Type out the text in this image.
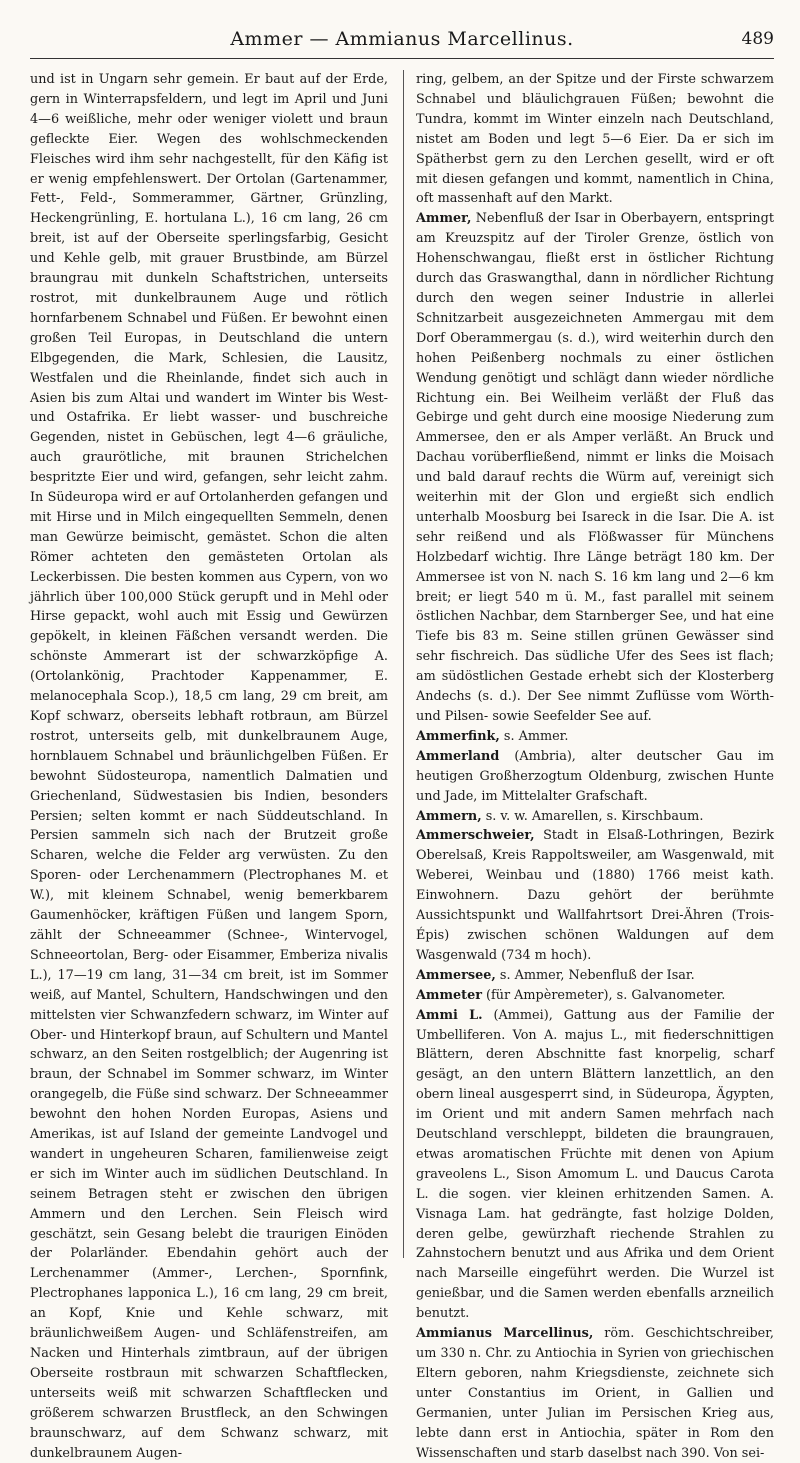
Ammer — Ammianus Marcellinus.	489

und ist in Ungarn sehr gemein. Er baut auf der Erde, gern in Winterrapsfeldern, und legt im April und Juni 4—6 weißliche, mehr oder weniger violett und braun gefleckte Eier. Wegen des wohlschmeckenden Fleisches wird ihm sehr nachgestellt, für den Käfig ist er wenig empfehlenswert. Der Ortolan (Gartenammer, Fett-, Feld-, Sommerammer, Gärtner, Grünzling, Heckengrünling, E. hortulana L.), 16 cm lang, 26 cm breit, ist auf der Oberseite sperlingsfarbig, Gesicht und Kehle gelb, mit grauer Brustbinde, am Bürzel braungrau mit dunkeln Schaftstrichen, unterseits rostrot, mit dunkelbraunem Auge und rötlich hornfarbenem Schnabel und Füßen. Er bewohnt einen großen Teil Europas, in Deutschland die untern Elbgegenden, die Mark, Schlesien, die Lausitz, Westfalen und die Rheinlande, findet sich auch in Asien bis zum Altai und wandert im Winter bis West- und Ostafrika. Er liebt wasser- und buschreiche Gegenden, nistet in Gebüschen, legt 4—6 gräuliche, auch graurötliche, mit braunen Strichelchen bespritzte Eier und wird, gefangen, sehr leicht zahm. In Südeuropa wird er auf Ortolanherden gefangen und mit Hirse und in Milch eingequellten Semmeln, denen man Gewürze beimischt, gemästet. Schon die alten Römer achteten den gemästeten Ortolan als Leckerbissen. Die besten kommen aus Cypern, von wo jährlich über 100,000 Stück gerupft und in Mehl oder Hirse gepackt, wohl auch mit Essig und Gewürzen gepökelt, in kleinen Fäßchen versandt werden. Die schönste Ammerart ist der schwarzköpfige A. (Ortolankönig, Prachtoder Kappenammer, E. melanocephala Scop.), 18,5 cm lang, 29 cm breit, am Kopf schwarz, oberseits lebhaft rotbraun, am Bürzel rostrot, unterseits gelb, mit dunkelbraunem Auge, hornblauem Schnabel und bräunlichgelben Füßen. Er bewohnt Südosteuropa, namentlich Dalmatien und Griechenland, Südwestasien bis Indien, besonders Persien; selten kommt er nach Süddeutschland. In Persien sammeln sich nach der Brutzeit große Scharen, welche die Felder arg verwüsten. Zu den Sporen- oder Lerchenammern (Plectrophanes M. et W.), mit kleinem Schnabel, wenig bemerkbarem Gaumenhöcker, kräftigen Füßen und langem Sporn, zählt der Schneeammer (Schnee-, Wintervogel, Schneeortolan, Berg- oder Eisammer, Emberiza nivalis L.), 17—19 cm lang, 31—34 cm breit, ist im Sommer weiß, auf Mantel, Schultern, Handschwingen und den mittelsten vier Schwanzfedern schwarz, im Winter auf Ober- und Hinterkopf braun, auf Schultern und Mantel schwarz, an den Seiten rostgelblich; der Augenring ist braun, der Schnabel im Sommer schwarz, im Winter orangegelb, die Füße sind schwarz. Der Schneeammer bewohnt den hohen Norden Europas, Asiens und Amerikas, ist auf Island der gemeinte Landvogel und wandert in ungeheuren Scharen, familienweise zeigt er sich im Winter auch im südlichen Deutschland. In seinem Betragen steht er zwischen den übrigen Ammern und den Lerchen. Sein Fleisch wird geschätzt, sein Gesang belebt die traurigen Einöden der Polarländer. Ebendahin gehört auch der Lerchenammer (Ammer-, Lerchen-, Spornfink, Plectrophanes lapponica L.), 16 cm lang, 29 cm breit, an Kopf, Knie und Kehle schwarz, mit bräunlichweißem Augen- und Schläfenstreifen, am Nacken und Hinterhals zimtbraun, auf der übrigen Oberseite rostbraun mit schwarzen Schaftflecken, unterseits weiß mit schwarzen Schaftflecken und größerem schwarzen Brustfleck, an den Schwingen braunschwarz, auf dem Schwanz schwarz, mit dunkelbraunem Augen-

ring, gelbem, an der Spitze und der Firste schwarzem Schnabel und bläulichgrauen Füßen; bewohnt die Tundra, kommt im Winter einzeln nach Deutschland, nistet am Boden und legt 5—6 Eier. Da er sich im Spätherbst gern zu den Lerchen gesellt, wird er oft mit diesen gefangen und kommt, namentlich in China, oft massenhaft auf den Markt.

Ammer, Nebenfluß der Isar in Oberbayern, entspringt am Kreuzspitz auf der Tiroler Grenze, östlich von Hohenschwangau, fließt erst in östlicher Richtung durch das Graswangthal, dann in nördlicher Richtung durch den wegen seiner Industrie in allerlei Schnitzarbeit ausgezeichneten Ammergau mit dem Dorf Oberammergau (s. d.), wird weiterhin durch den hohen Peißenberg nochmals zu einer östlichen Wendung genötigt und schlägt dann wieder nördliche Richtung ein. Bei Weilheim verläßt der Fluß das Gebirge und geht durch eine moosige Niederung zum Ammersee, den er als Amper verläßt. An Bruck und Dachau vorüberfließend, nimmt er links die Moisach und bald darauf rechts die Würm auf, vereinigt sich weiterhin mit der Glon und ergießt sich endlich unterhalb Moosburg bei Isareck in die Isar. Die A. ist sehr reißend und als Flößwasser für Münchens Holzbedarf wichtig. Ihre Länge beträgt 180 km. Der Ammersee ist von N. nach S. 16 km lang und 2—6 km breit; er liegt 540 m ü. M., fast parallel mit seinem östlichen Nachbar, dem Starnberger See, und hat eine Tiefe bis 83 m. Seine stillen grünen Gewässer sind sehr fischreich. Das südliche Ufer des Sees ist flach; am südöstlichen Gestade erhebt sich der Klosterberg Andechs (s. d.). Der See nimmt Zuflüsse vom Wörth- und Pilsen- sowie Seefelder See auf.

Ammerfink, s. Ammer.

Ammerland (Ambria), alter deutscher Gau im heutigen Großherzogtum Oldenburg, zwischen Hunte und Jade, im Mittelalter Grafschaft.

Ammern, s. v. w. Amarellen, s. Kirschbaum.

Ammerschweier, Stadt in Elsaß-Lothringen, Bezirk Oberelsaß, Kreis Rappoltsweiler, am Wasgenwald, mit Weberei, Weinbau und (1880) 1766 meist kath. Einwohnern. Dazu gehört der berühmte Aussichtspunkt und Wallfahrtsort Drei-Ähren (Trois-Épis) zwischen schönen Waldungen auf dem Wasgenwald (734 m hoch).

Ammersee, s. Ammer, Nebenfluß der Isar.

Ammeter (für Ampèremeter), s. Galvanometer.

Ammi L. (Ammei), Gattung aus der Familie der Umbelliferen. Von A. majus L., mit fiederschnittigen Blättern, deren Abschnitte fast knorpelig, scharf gesägt, an den untern Blättern lanzettlich, an den obern lineal ausgesperrt sind, in Südeuropa, Ägypten, im Orient und mit andern Samen mehrfach nach Deutschland verschleppt, bildeten die braungrauen, etwas aromatischen Früchte mit denen von Apium graveolens L., Sison Amomum L. und Daucus Carota L. die sogen. vier kleinen erhitzenden Samen. A. Visnaga Lam. hat gedrängte, fast holzige Dolden, deren gelbe, gewürzhaft riechende Strahlen zu Zahnstochern benutzt und aus Afrika und dem Orient nach Marseille eingeführt werden. Die Wurzel ist genießbar, und die Samen werden ebenfalls arzneilich benutzt.

Ammianus Marcellinus, röm. Geschichtschreiber, um 330 n. Chr. zu Antiochia in Syrien von griechischen Eltern geboren, nahm Kriegsdienste, zeichnete sich unter Constantius im Orient, in Gallien und Germanien, unter Julian im Persischen Krieg aus, lebte dann erst in Antiochia, später in Rom den Wissenschaften und starb daselbst nach 390. Von sei-
